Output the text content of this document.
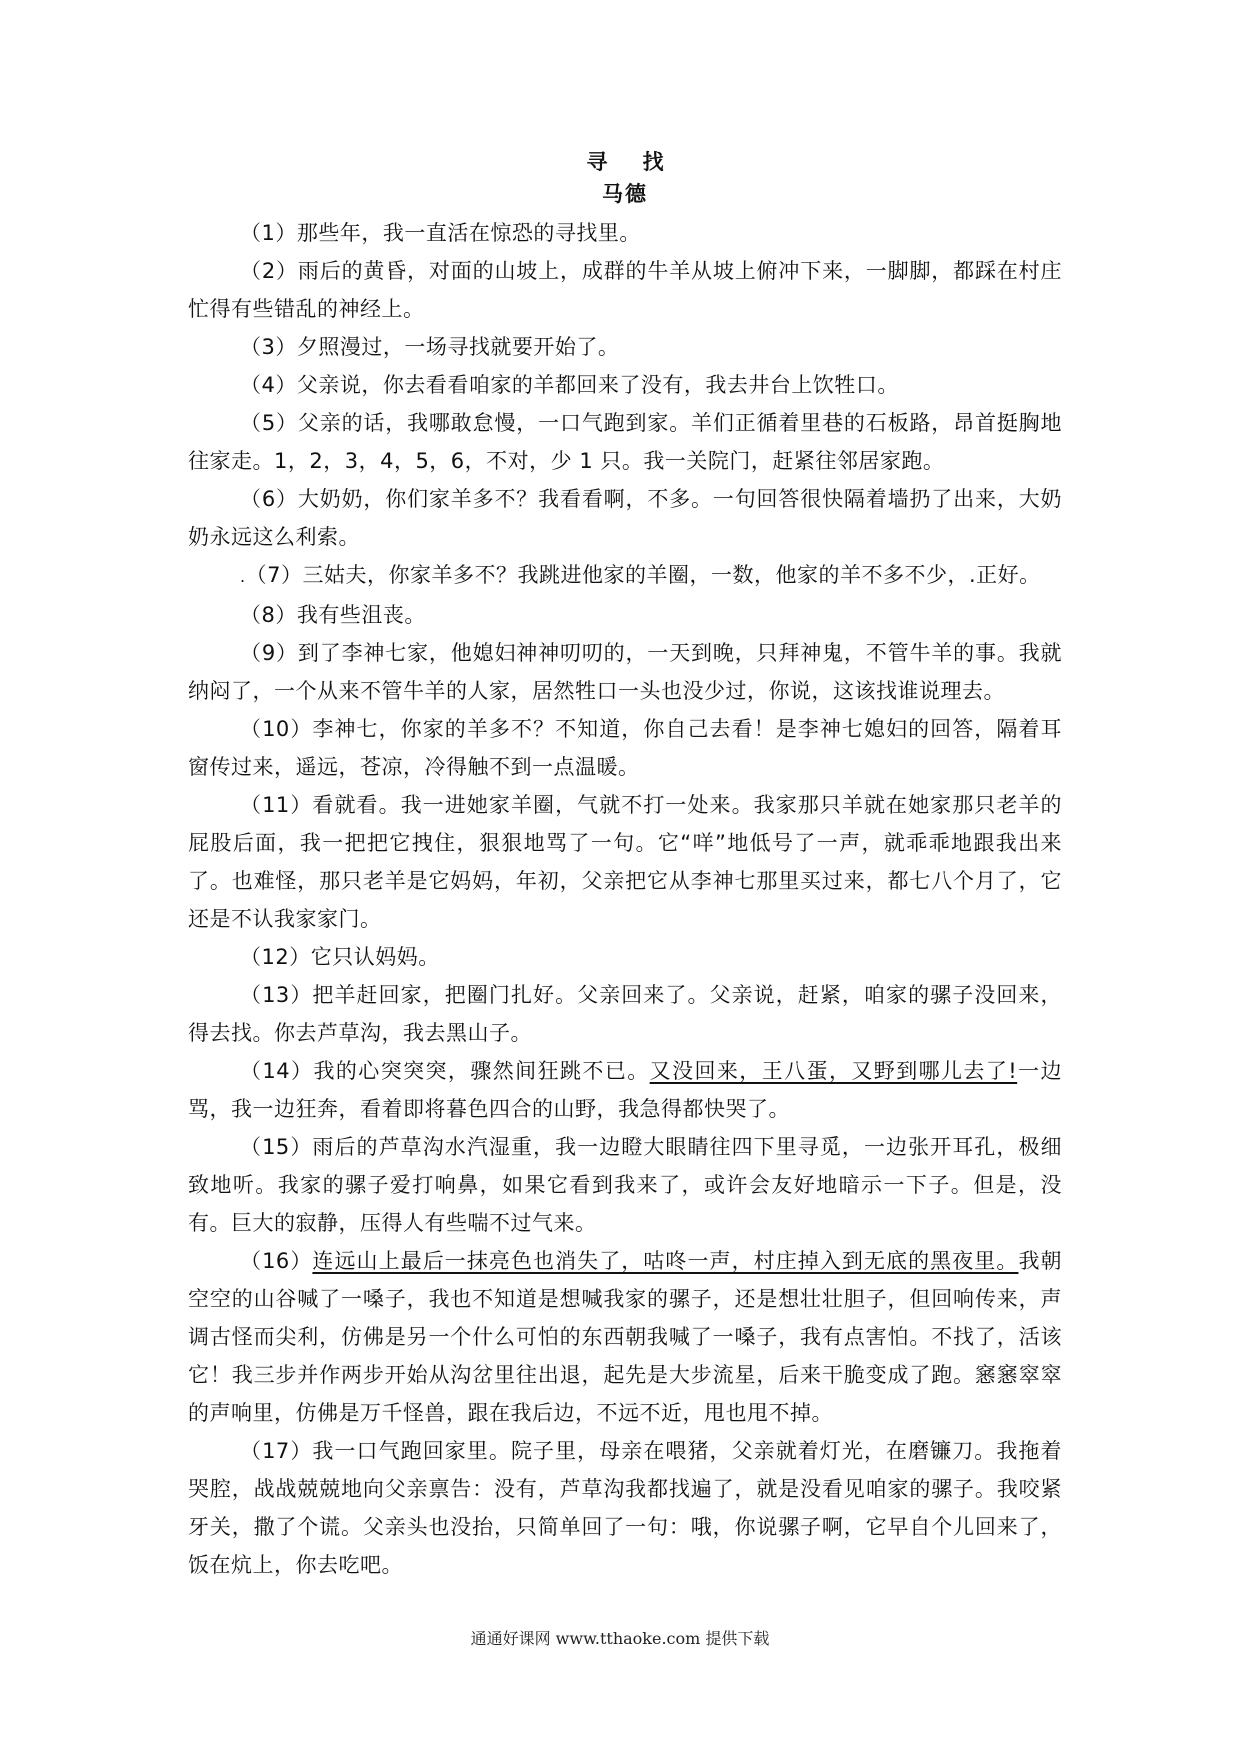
寻 找
马德

（1）那些年，我一直活在惊恐的寻找里。

（2）雨后的黄昏，对面的山坡上，成群的牛羊从坡上俯冲下来，一脚脚，都踩在村庄忙得有些错乱的神经上。

（3）夕照漫过，一场寻找就要开始了。

（4）父亲说，你去看看咱家的羊都回来了没有，我去井台上饮牲口。

（5）父亲的话，我哪敢怠慢，一口气跑到家。羊们正循着里巷的石板路，昂首挺胸地往家走。1，2，3，4，5，6，不对，少 1 只。我一关院门，赶紧往邻居家跑。

（6）大奶奶，你们家羊多不？我看看啊，不多。一句回答很快隔着墙扔了出来，大奶奶永远这么利索。

.（7）三姑夫，你家羊多不？我跳进他家的羊圈，一数，他家的羊不多不少，.正好。

（8）我有些沮丧。

（9）到了李神七家，他媳妇神神叨叨的，一天到晚，只拜神鬼，不管牛羊的事。我就纳闷了，一个从来不管牛羊的人家，居然牲口一头也没少过，你说，这该找谁说理去。

（10）李神七，你家的羊多不？不知道，你自己去看！是李神七媳妇的回答，隔着耳窗传过来，遥远，苍凉，冷得触不到一点温暖。

（11）看就看。我一进她家羊圈，气就不打一处来。我家那只羊就在她家那只老羊的屁股后面，我一把把它拽住，狠狠地骂了一句。它“咩”地低号了一声，就乖乖地跟我出来了。也难怪，那只老羊是它妈妈，年初，父亲把它从李神七那里买过来，都七八个月了，它还是不认我家家门。

（12）它只认妈妈。

（13）把羊赶回家，把圈门扎好。父亲回来了。父亲说，赶紧，咱家的骡子没回来，得去找。你去芦草沟，我去黑山子。

（14）我的心突突突，骤然间狂跳不已。又没回来，王八蛋，又野到哪儿去了!一边骂，我一边狂奔，看着即将暮色四合的山野，我急得都快哭了。

（15）雨后的芦草沟水汽湿重，我一边瞪大眼睛往四下里寻觅，一边张开耳孔，极细致地听。我家的骡子爱打响鼻，如果它看到我来了，或许会友好地暗示一下子。但是，没有。巨大的寂静，压得人有些喘不过气来。

（16）连远山上最后一抹亮色也消失了，咕咚一声，村庄掉入到无底的黑夜里。我朝空空的山谷喊了一嗓子，我也不知道是想喊我家的骡子，还是想壮壮胆子，但回响传来，声调古怪而尖利，仿佛是另一个什么可怕的东西朝我喊了一嗓子，我有点害怕。不找了，活该它！我三步并作两步开始从沟岔里往出退，起先是大步流星，后来干脆变成了跑。窸窸窣窣的声响里，仿佛是万千怪兽，跟在我后边，不远不近，甩也甩不掉。

（17）我一口气跑回家里。院子里，母亲在喂猪，父亲就着灯光，在磨镰刀。我拖着哭腔，战战兢兢地向父亲禀告：没有，芦草沟我都找遍了，就是没看见咱家的骡子。我咬紧牙关，撒了个谎。父亲头也没抬，只简单回了一句：哦，你说骡子啊，它早自个儿回来了，饭在炕上，你去吃吧。

通通好课网 www.tthaoke.com 提供下载
